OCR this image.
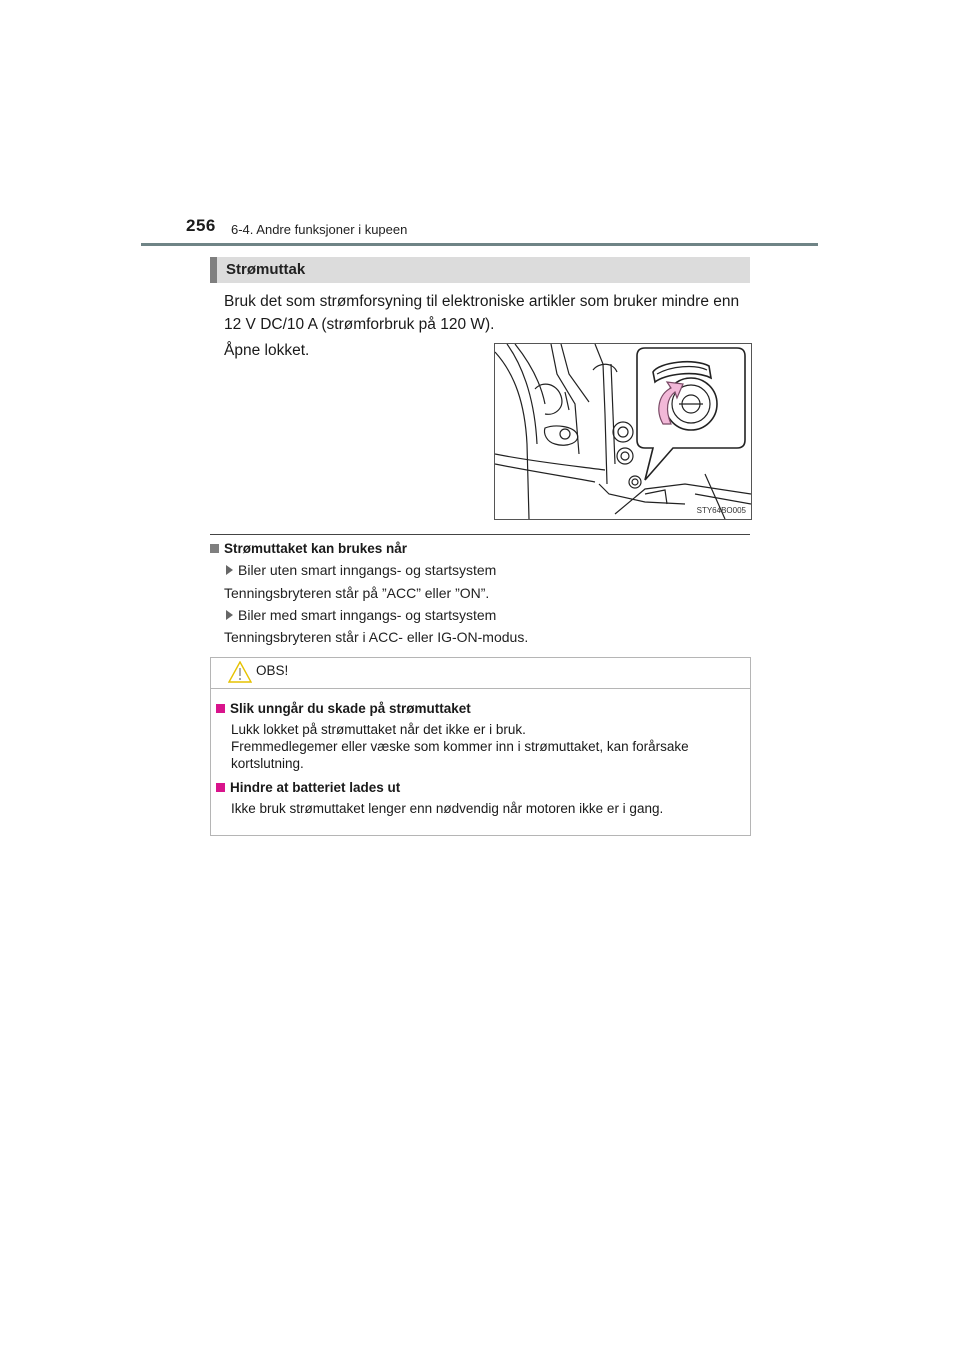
256 6-4. Andre funksjoner i kupeen
Strømuttak
Bruk det som strømforsyning til elektroniske artikler som bruker mindre enn 12 V DC/10 A (strømforbruk på 120 W).
Åpne lokket.
STY64BO005
Strømuttaket kan brukes når
Biler uten smart inngangs- og startsystem
Tenningsbryteren står på ”ACC” eller ”ON”.
Biler med smart inngangs- og startsystem
Tenningsbryteren står i ACC- eller IG-ON-modus.
OBS!
Slik unngår du skade på strømuttaket
Lukk lokket på strømuttaket når det ikke er i bruk.
Fremmedlegemer eller væske som kommer inn i strømuttaket, kan forårsake kortslutning.
Hindre at batteriet lades ut
Ikke bruk strømuttaket lenger enn nødvendig når motoren ikke er i gang.
